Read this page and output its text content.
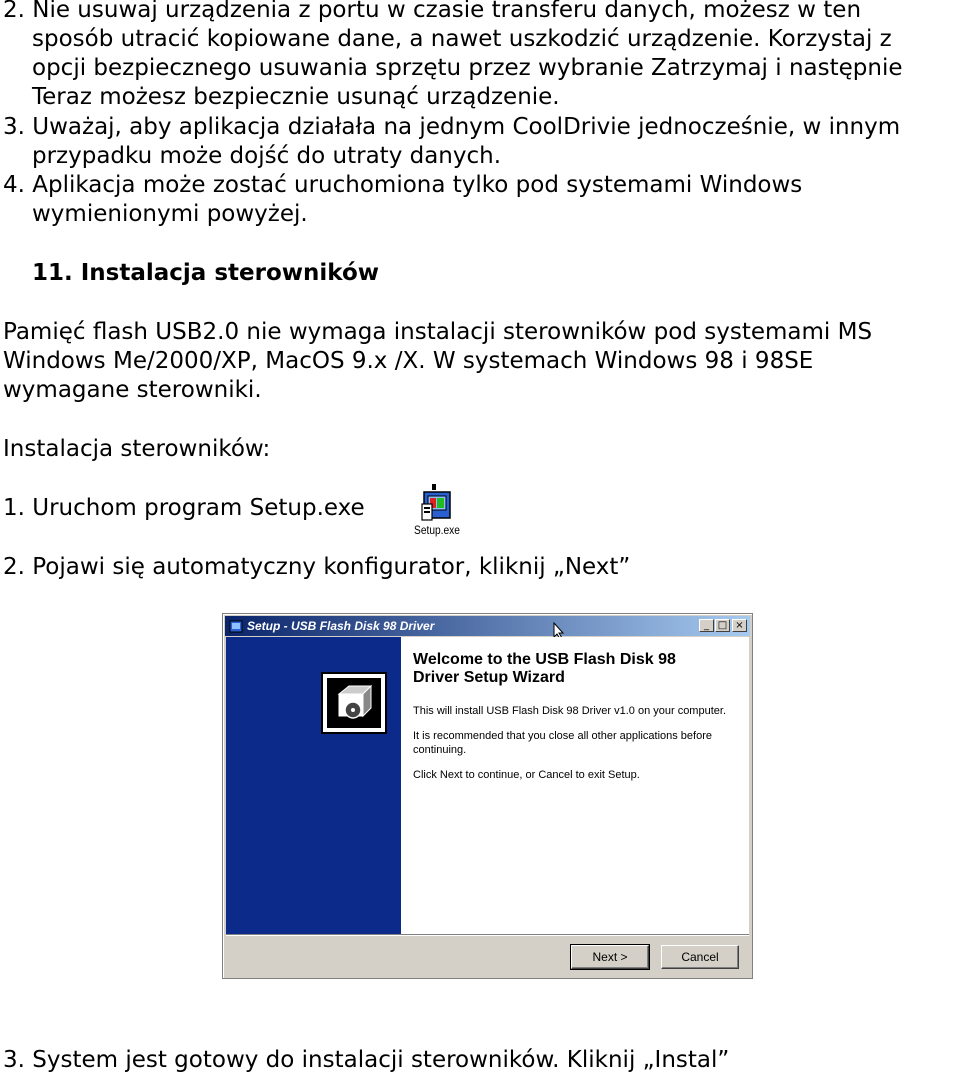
2. Nie usuwaj urządzenia z portu w czasie transferu danych, możesz w ten
sposób utracić kopiowane dane, a nawet uszkodzić urządzenie. Korzystaj z
opcji bezpiecznego usuwania sprzętu przez wybranie Zatrzymaj i następnie
Teraz możesz bezpiecznie usunąć urządzenie.
3. Uważaj, aby aplikacja działała na jednym CoolDrivie jednocześnie, w innym
przypadku może dojść do utraty danych.
4. Aplikacja może zostać uruchomiona tylko pod systemami Windows
wymienionymi powyżej.
11. Instalacja sterowników
Pamięć flash USB2.0 nie wymaga instalacji sterowników pod systemami MS
Windows Me/2000/XP, MacOS 9.x /X. W systemach Windows 98 i 98SE
wymagane sterowniki.
Instalacja sterowników:
1. Uruchom program Setup.exe
Setup.exe
2. Pojawi się automatyczny konfigurator, kliknij „Next”
Setup - USB Flash Disk 98 Driver	_ □ ×
Welcome to the USB Flash Disk 98
Driver Setup Wizard
This will install USB Flash Disk 98 Driver v1.0 on your computer.
It is recommended that you close all other applications before
continuing.
Click Next to continue, or Cancel to exit Setup.
Next >	Cancel
3. System jest gotowy do instalacji sterowników. Kliknij „Instal”
